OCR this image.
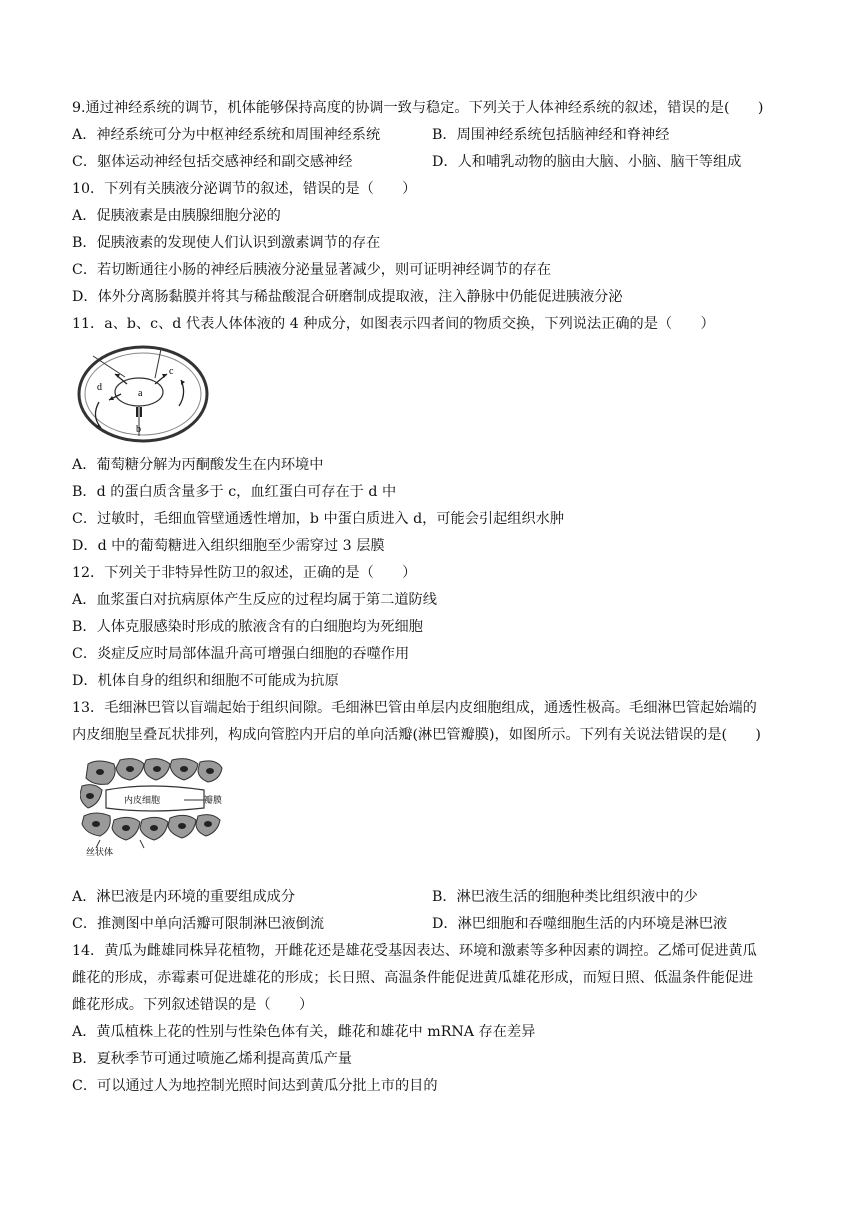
9.通过神经系统的调节，机体能够保持高度的协调一致与稳定。下列关于人体神经系统的叙述，错误的是(　　)
A．神经系统可分为中枢神经系统和周围神经系统	B．周围神经系统包括脑神经和脊神经
C．躯体运动神经包括交感神经和副交感神经	D．人和哺乳动物的脑由大脑、小脑、脑干等组成
10．下列有关胰液分泌调节的叙述，错误的是（　　）
A．促胰液素是由胰腺细胞分泌的
B．促胰液素的发现使人们认识到激素调节的存在
C．若切断通往小肠的神经后胰液分泌量显著减少，则可证明神经调节的存在
D．体外分离肠黏膜并将其与稀盐酸混合研磨制成提取液，注入静脉中仍能促进胰液分泌
11．a、b、c、d 代表人体体液的 4 种成分，如图表示四者间的物质交换，下列说法正确的是（　　）
a
b
c
d
A．葡萄糖分解为丙酮酸发生在内环境中
B．d 的蛋白质含量多于 c，血红蛋白可存在于 d 中
C．过敏时，毛细血管壁通透性增加，b 中蛋白质进入 d，可能会引起组织水肿
D．d 中的葡萄糖进入组织细胞至少需穿过 3 层膜
12．下列关于非特异性防卫的叙述，正确的是（　　）
A．血浆蛋白对抗病原体产生反应的过程均属于第二道防线
B．人体克服感染时形成的脓液含有的白细胞均为死细胞
C．炎症反应时局部体温升高可增强白细胞的吞噬作用
D．机体自身的组织和细胞不可能成为抗原
13．毛细淋巴管以盲端起始于组织间隙。毛细淋巴管由单层内皮细胞组成，通透性极高。毛细淋巴管起始端的
内皮细胞呈叠瓦状排列，构成向管腔内开启的单向活瓣(淋巴管瓣膜)，如图所示。下列有关说法错误的是(　　)
内皮细胞	瓣膜
丝状体
A．淋巴液是内环境的重要组成成分	B．淋巴液生活的细胞种类比组织液中的少
C．推测图中单向活瓣可限制淋巴液倒流	D．淋巴细胞和吞噬细胞生活的内环境是淋巴液
14．黄瓜为雌雄同株异花植物，开雌花还是雄花受基因表达、环境和激素等多种因素的调控。乙烯可促进黄瓜
雌花的形成，赤霉素可促进雄花的形成；长日照、高温条件能促进黄瓜雄花形成，而短日照、低温条件能促进
雌花形成。下列叙述错误的是（　　）
A．黄瓜植株上花的性别与性染色体有关，雌花和雄花中 mRNA 存在差异
B．夏秋季节可通过喷施乙烯利提高黄瓜产量
C．可以通过人为地控制光照时间达到黄瓜分批上市的目的
